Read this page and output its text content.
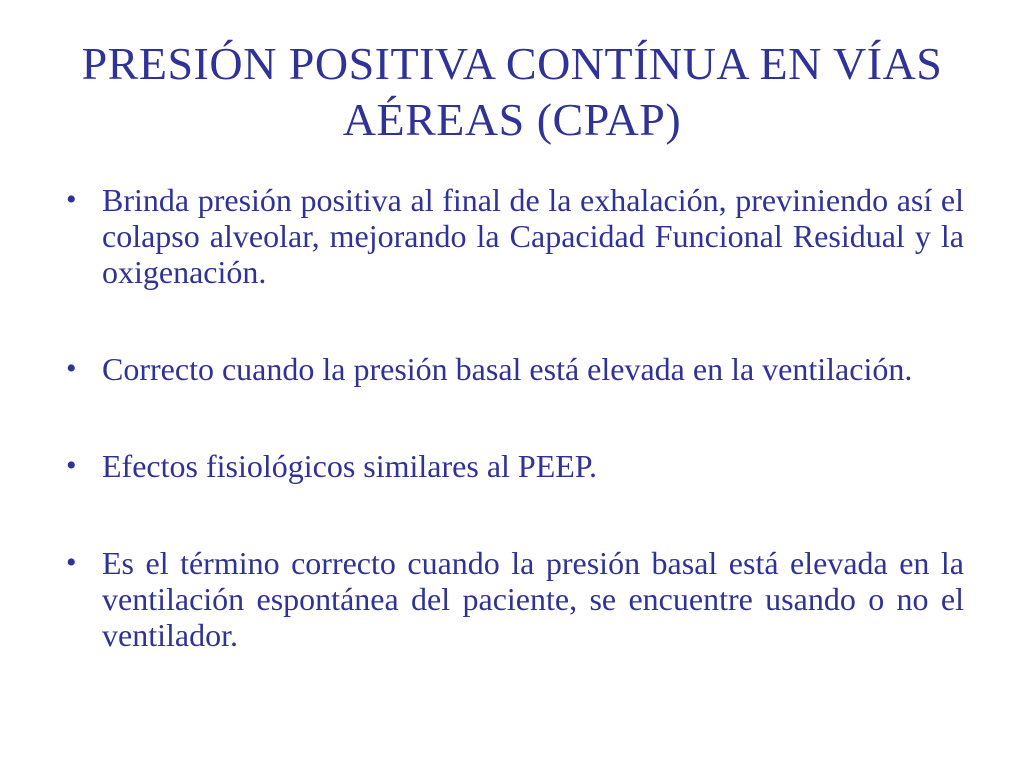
PRESIÓN POSITIVA CONTÍNUA EN VÍAS AÉREAS (CPAP)
• Brinda presión positiva al final de la exhalación, previniendo así el colapso alveolar, mejorando la Capacidad Funcional Residual y la oxigenación.
• Correcto cuando la presión basal está elevada en la ventilación.
• Efectos fisiológicos similares al PEEP.
• Es el término correcto cuando la presión basal está elevada en la ventilación espontánea del paciente, se encuentre usando o no el ventilador.
